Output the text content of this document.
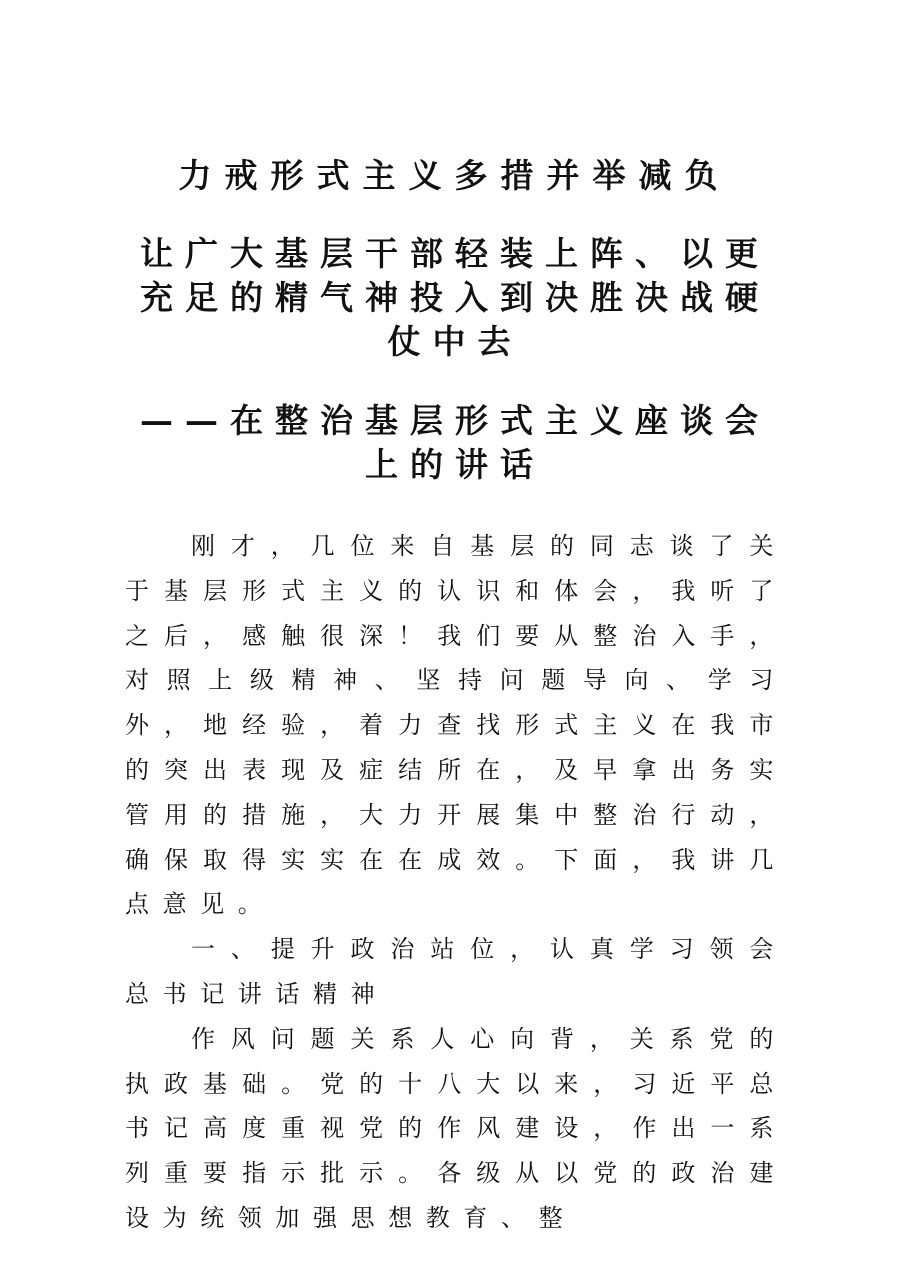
力戒形式主义多措并举减负
让广大基层干部轻装上阵、以更充足的精气神投入到决胜决战硬仗中去
——在整治基层形式主义座谈会上的讲话

刚才，几位来自基层的同志谈了关于基层形式主义的认识和体会，我听了之后，感触很深！我们要从整治入手，对照上级精神、坚持问题导向、学习外，地经验，着力查找形式主义在我市的突出表现及症结所在，及早拿出务实管用的措施，大力开展集中整治行动，确保取得实实在在成效。下面，我讲几点意见。

一、提升政治站位，认真学习领会总书记讲话精神

作风问题关系人心向背，关系党的执政基础。党的十八大以来，习近平总书记高度重视党的作风建设，作出一系列重要指示批示。各级从以党的政治建设为统领加强思想教育、整
